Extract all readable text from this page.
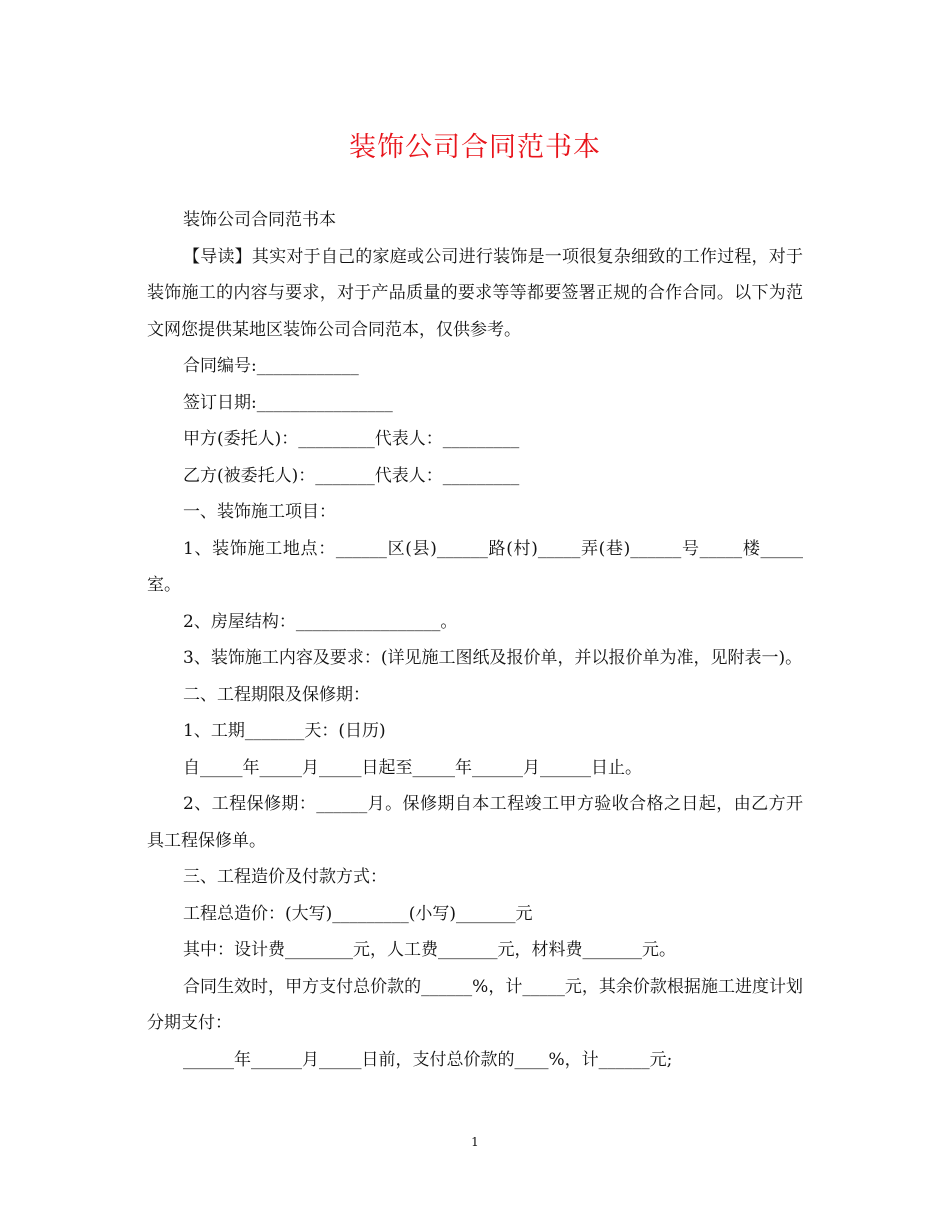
装饰公司合同范书本

装饰公司合同范书本

【导读】其实对于自己的家庭或公司进行装饰是一项很复杂细致的工作过程，对于装饰施工的内容与要求，对于产品质量的要求等等都要签署正规的合作合同。以下为范文网您提供某地区装饰公司合同范本，仅供参考。

合同编号:____________

签订日期:________________

甲方(委托人)：_________代表人：_________

乙方(被委托人)：_______代表人：_________

一、装饰施工项目：

1、装饰施工地点：______区(县)______路(村)_____弄(巷)______号_____楼_____室。

2、房屋结构：_________________。

3、装饰施工内容及要求：(详见施工图纸及报价单，并以报价单为准，见附表一)。

二、工程期限及保修期：

1、工期_______天：(日历)

自_____年_____月_____日起至_____年______月______日止。

2、工程保修期：______月。保修期自本工程竣工甲方验收合格之日起，由乙方开具工程保修单。

三、工程造价及付款方式：

工程总造价：(大写)_________(小写)_______元

其中：设计费________元，人工费_______元，材料费_______元。

合同生效时，甲方支付总价款的______%，计_____元，其余价款根据施工进度计划分期支付：

______年______月_____日前，支付总价款的____%，计______元;

1
